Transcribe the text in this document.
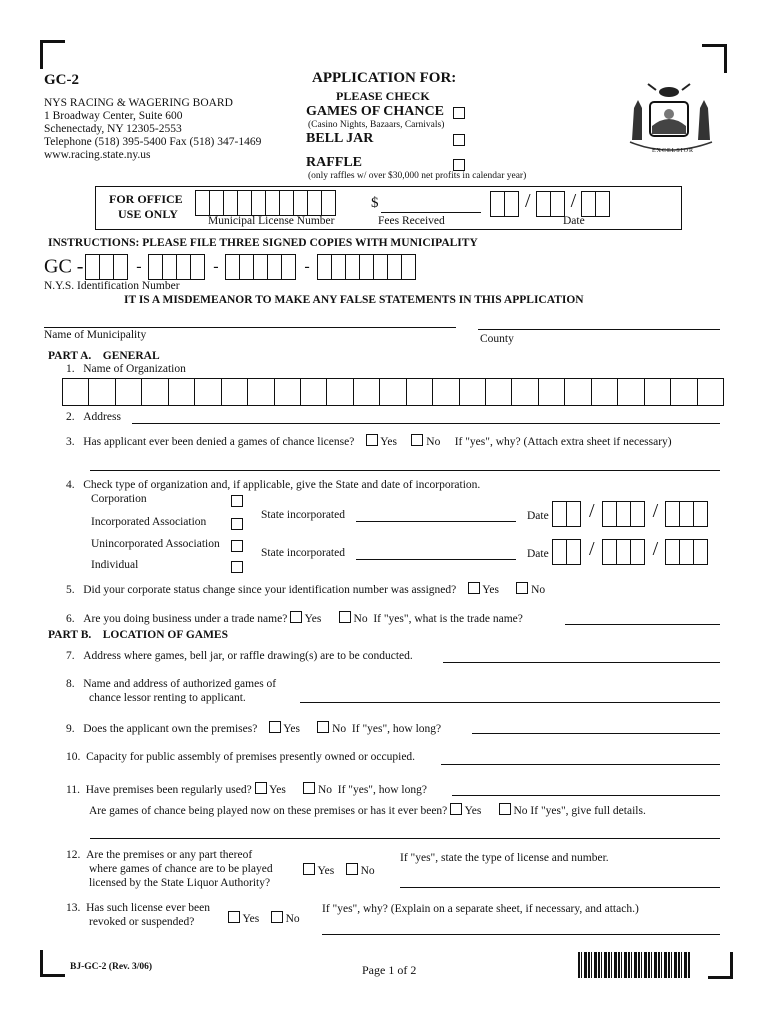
GC-2
NYS RACING & WAGERING BOARD
1 Broadway Center, Suite 600
Schenectady, NY 12305-2553
Telephone (518) 395-5400 Fax (518) 347-1469
www.racing.state.ny.us
APPLICATION FOR:
PLEASE CHECK
GAMES OF CHANCE
(Casino Nights, Bazaars, Carnivals)
BELL JAR
RAFFLE
(only raffles w/ over $30,000 net profits in calendar year)
EXCELSIOR
FOR OFFICE
USE ONLY	Municipal License Number
$
Fees Received
/ /
Date
INSTRUCTIONS: PLEASE FILE THREE SIGNED COPIES WITH MUNICIPALITY
GC -	-	-	-
N.Y.S. Identification Number
IT IS A MISDEMEANOR TO MAKE ANY FALSE STATEMENTS IN THIS APPLICATION
Name of Municipality	County
PART A. GENERAL
1. Name of Organization
2. Address
3. Has applicant ever been denied a games of chance license? Yes	No If "yes", why? (Attach extra sheet if necessary)
4. Check type of organization and, if applicable, give the State and date of incorporation.
Corporation
Incorporated Association
Unincorporated Association
Individual
State incorporated	Date	/	/
State incorporated	Date	/	/
5. Did your corporate status change since your identification number was assigned? Yes	No
6. Are you doing business under a trade name? Yes	No If "yes", what is the trade name?
PART B. LOCATION OF GAMES
7. Address where games, bell jar, or raffle drawing(s) are to be conducted.
8. Name and address of authorized games of
chance lessor renting to applicant.
9. Does the applicant own the premises? Yes	No If "yes", how long?
10. Capacity for public assembly of premises presently owned or occupied.
11. Have premises been regularly used? Yes	No If "yes", how long?
Are games of chance being played now on these premises or has it ever been? Yes	No If "yes", give full details.
12. Are the premises or any part thereof
where games of chance are to be played
licensed by the State Liquor Authority?
Yes No
If "yes", state the type of license and number.
13. Has such license ever been
revoked or suspended?	Yes No
If "yes", why? (Explain on a separate sheet, if necessary, and attach.)
BJ-GC-2 (Rev. 3/06)	Page 1 of 2
